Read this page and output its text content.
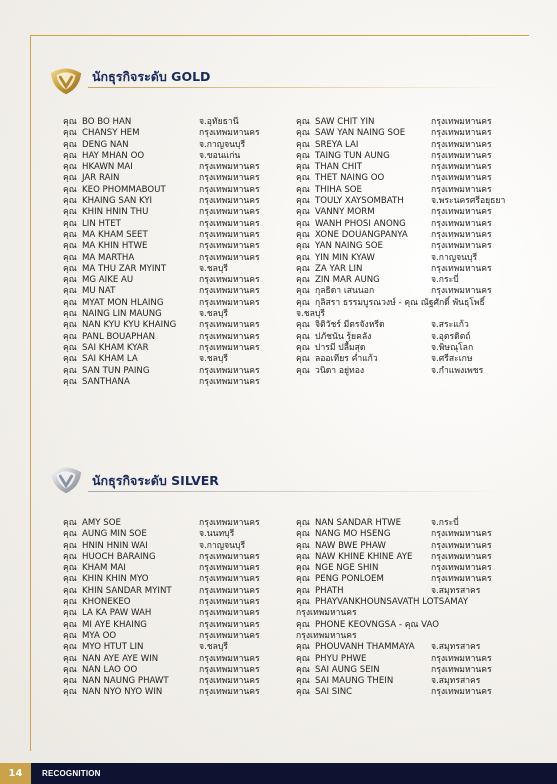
นักธุรกิจระดับ GOLD
คุณ BO BO HAN	จ.อุทัยธานี
คุณ CHANSY HEM	กรุงเทพมหานคร
คุณ DENG NAN	จ.กาญจนบุรี
คุณ HAY MHAN OO	จ.ขอนแก่น
คุณ HKAWN MAI	กรุงเทพมหานคร
คุณ JAR RAIN	กรุงเทพมหานคร
คุณ KEO PHOMMABOUT	กรุงเทพมหานคร
คุณ KHAING SAN KYI	กรุงเทพมหานคร
คุณ KHIN HNIN THU	กรุงเทพมหานคร
คุณ LIN HTET	กรุงเทพมหานคร
คุณ MA KHAM SEET	กรุงเทพมหานคร
คุณ MA KHIN HTWE	กรุงเทพมหานคร
คุณ MA MARTHA	กรุงเทพมหานคร
คุณ MA THU ZAR MYINT	จ.ชลบุรี
คุณ MG AIKE AU	กรุงเทพมหานคร
คุณ MU NAT	กรุงเทพมหานคร
คุณ MYAT MON HLAING	กรุงเทพมหานคร
คุณ NAING LIN MAUNG	จ.ชลบุรี
คุณ NAN KYU KYU KHAING	กรุงเทพมหานคร
คุณ PANL BOUAPHAN	กรุงเทพมหานคร
คุณ SAI KHAM KYAR	กรุงเทพมหานคร
คุณ SAI KHAM LA	จ.ชลบุรี
คุณ SAN TUN PAING	กรุงเทพมหานคร
คุณ SANTHANA	กรุงเทพมหานคร
คุณ SAW CHIT YIN	กรุงเทพมหานคร
คุณ SAW YAN NAING SOE	กรุงเทพมหานคร
คุณ SREYA LAI	กรุงเทพมหานคร
คุณ TAING TUN AUNG	กรุงเทพมหานคร
คุณ THAN CHIT	กรุงเทพมหานคร
คุณ THET NAING OO	กรุงเทพมหานคร
คุณ THIHA SOE	กรุงเทพมหานคร
คุณ TOULY XAYSOMBATH	จ.พระนครศรีอยุธยา
คุณ VANNY MORM	กรุงเทพมหานคร
คุณ WANH PHOSI ANONG	กรุงเทพมหานคร
คุณ XONE DOUANGPANYA	กรุงเทพมหานคร
คุณ YAN NAING SOE	กรุงเทพมหานคร
คุณ YIN MIN KYAW	จ.กาญจนบุรี
คุณ ZA YAR LIN	กรุงเทพมหานคร
คุณ ZIN MAR AUNG	จ.กระบี่
คุณ กุลธิดา เสนนอก	กรุงเทพมหานคร
คุณ กุลิสรา ธรรมบูรณวงษ์ - คุณ ณัฐศักดิ์ พันธุโพธิ์
จ.ชลบุรี
คุณ จิติวัชร์ มีตรจังหรีด	จ.สระแก้ว
คุณ ปภัชนัน รุ้ยคลัง	จ.อุตรดิตถ์
คุณ ปารมี ปลื้มสุด	จ.พิษณุโลก
คุณ ลออเทียร ค่ำแก้ว	จ.ศรีสะเกษ
คุณ วนิดา อยู่ทอง	จ.กำแพงเพชร
นักธุรกิจระดับ SILVER
คุณ AMY SOE	กรุงเทพมหานคร
คุณ AUNG MIN SOE	จ.นนทบุรี
คุณ HNIN HNIN WAI	จ.กาญจนบุรี
คุณ HUOCH BARAING	กรุงเทพมหานคร
คุณ KHAM MAI	กรุงเทพมหานคร
คุณ KHIN KHIN MYO	กรุงเทพมหานคร
คุณ KHIN SANDAR MYINT	กรุงเทพมหานคร
คุณ KHONEKEO	กรุงเทพมหานคร
คุณ LA KA PAW WAH	กรุงเทพมหานคร
คุณ MI AYE KHAING	กรุงเทพมหานคร
คุณ MYA OO	กรุงเทพมหานคร
คุณ MYO HTUT LIN	จ.ชลบุรี
คุณ NAN AYE AYE WIN	กรุงเทพมหานคร
คุณ NAN LAO OO	กรุงเทพมหานคร
คุณ NAN NAUNG PHAWT	กรุงเทพมหานคร
คุณ NAN NYO NYO WIN	กรุงเทพมหานคร
คุณ NAN SANDAR HTWE	จ.กระบี่
คุณ NANG MO HSENG	กรุงเทพมหานคร
คุณ NAW BWE PHAW	กรุงเทพมหานคร
คุณ NAW KHINE KHINE AYE กรุงเทพมหานคร
คุณ NGE NGE SHIN	กรุงเทพมหานคร
คุณ PENG PONLOEM	กรุงเทพมหานคร
คุณ PHATH	จ.สมุทรสาคร
คุณ PHAYVANKHOUNSAVATH LOTSAMAY
กรุงเทพมหานคร
คุณ PHONE KEOVNGSA - คุณ VAO
กรุงเทพมหานคร
คุณ PHOUVANH THAMMAYA จ.สมุทรสาคร
คุณ PHYU PHWE	กรุงเทพมหานคร
คุณ SAI AUNG SEIN	กรุงเทพมหานคร
คุณ SAI MAUNG THEIN	จ.สมุทรสาคร
คุณ SAI SINC	กรุงเทพมหานคร
14	RECOGNITION
